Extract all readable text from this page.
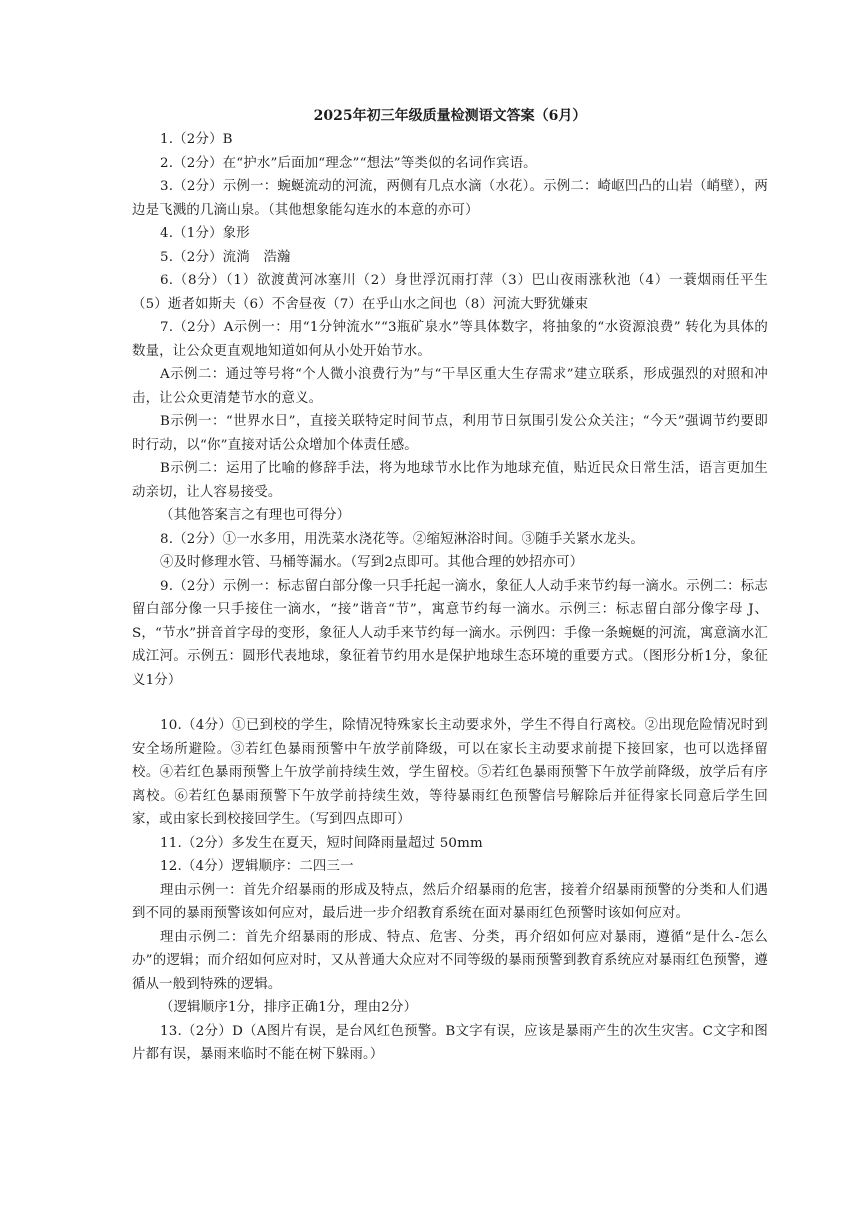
2025年初三年级质量检测语文答案（6月）

1.（2分）B

2.（2分）在“护水”后面加“理念”“想法”等类似的名词作宾语。

3.（2分）示例一：蜿蜒流动的河流，两侧有几点水滴（水花）。示例二：崎岖凹凸的山岩（峭壁），两边是飞溅的几滴山泉。（其他想象能勾连水的本意的亦可）

4.（1分）象形

5.（2分）流淌　浩瀚

6.（8分）（1）欲渡黄河冰塞川（2）身世浮沉雨打萍（3）巴山夜雨涨秋池（4）一蓑烟雨任平生（5）逝者如斯夫（6）不舍昼夜（7）在乎山水之间也（8）河流大野犹嫌束

7.（2分）A示例一：用“1分钟流水”“3瓶矿泉水”等具体数字，将抽象的“水资源浪费” 转化为具体的数量，让公众更直观地知道如何从小处开始节水。

A示例二：通过等号将“个人微小浪费行为”与“干旱区重大生存需求”建立联系，形成强烈的对照和冲击，让公众更清楚节水的意义。

B示例一：“世界水日”，直接关联特定时间节点，利用节日氛围引发公众关注；“今天”强调节约要即时行动，以“你”直接对话公众增加个体责任感。

B示例二：运用了比喻的修辞手法，将为地球节水比作为地球充值，贴近民众日常生活，语言更加生动亲切，让人容易接受。

（其他答案言之有理也可得分）

8.（2分）①一水多用，用洗菜水浇花等。②缩短淋浴时间。③随手关紧水龙头。

④及时修理水管、马桶等漏水。（写到2点即可。其他合理的妙招亦可）

9.（2分）示例一：标志留白部分像一只手托起一滴水，象征人人动手来节约每一滴水。示例二：标志留白部分像一只手接住一滴水，“接”谐音“节”，寓意节约每一滴水。示例三：标志留白部分像字母 J、S，“节水”拼音首字母的变形，象征人人动手来节约每一滴水。示例四：手像一条蜿蜒的河流，寓意滴水汇成江河。示例五：圆形代表地球，象征着节约用水是保护地球生态环境的重要方式。（图形分析1分，象征义1分）

10.（4分）①已到校的学生，除情况特殊家长主动要求外，学生不得自行离校。②出现危险情况时到安全场所避险。③若红色暴雨预警中午放学前降级，可以在家长主动要求前提下接回家，也可以选择留校。④若红色暴雨预警上午放学前持续生效，学生留校。⑤若红色暴雨预警下午放学前降级，放学后有序离校。⑥若红色暴雨预警下午放学前持续生效，等待暴雨红色预警信号解除后并征得家长同意后学生回家，或由家长到校接回学生。（写到四点即可）

11.（2分）多发生在夏天，短时间降雨量超过 50mm

12.（4分）逻辑顺序：二四三一

理由示例一：首先介绍暴雨的形成及特点，然后介绍暴雨的危害，接着介绍暴雨预警的分类和人们遇到不同的暴雨预警该如何应对，最后进一步介绍教育系统在面对暴雨红色预警时该如何应对。

理由示例二：首先介绍暴雨的形成、特点、危害、分类，再介绍如何应对暴雨，遵循“是什么-怎么办”的逻辑；而介绍如何应对时，又从普通大众应对不同等级的暴雨预警到教育系统应对暴雨红色预警，遵循从一般到特殊的逻辑。

（逻辑顺序1分，排序正确1分，理由2分）

13.（2分）D（A图片有误，是台风红色预警。B文字有误，应该是暴雨产生的次生灾害。C文字和图片都有误，暴雨来临时不能在树下躲雨。）
